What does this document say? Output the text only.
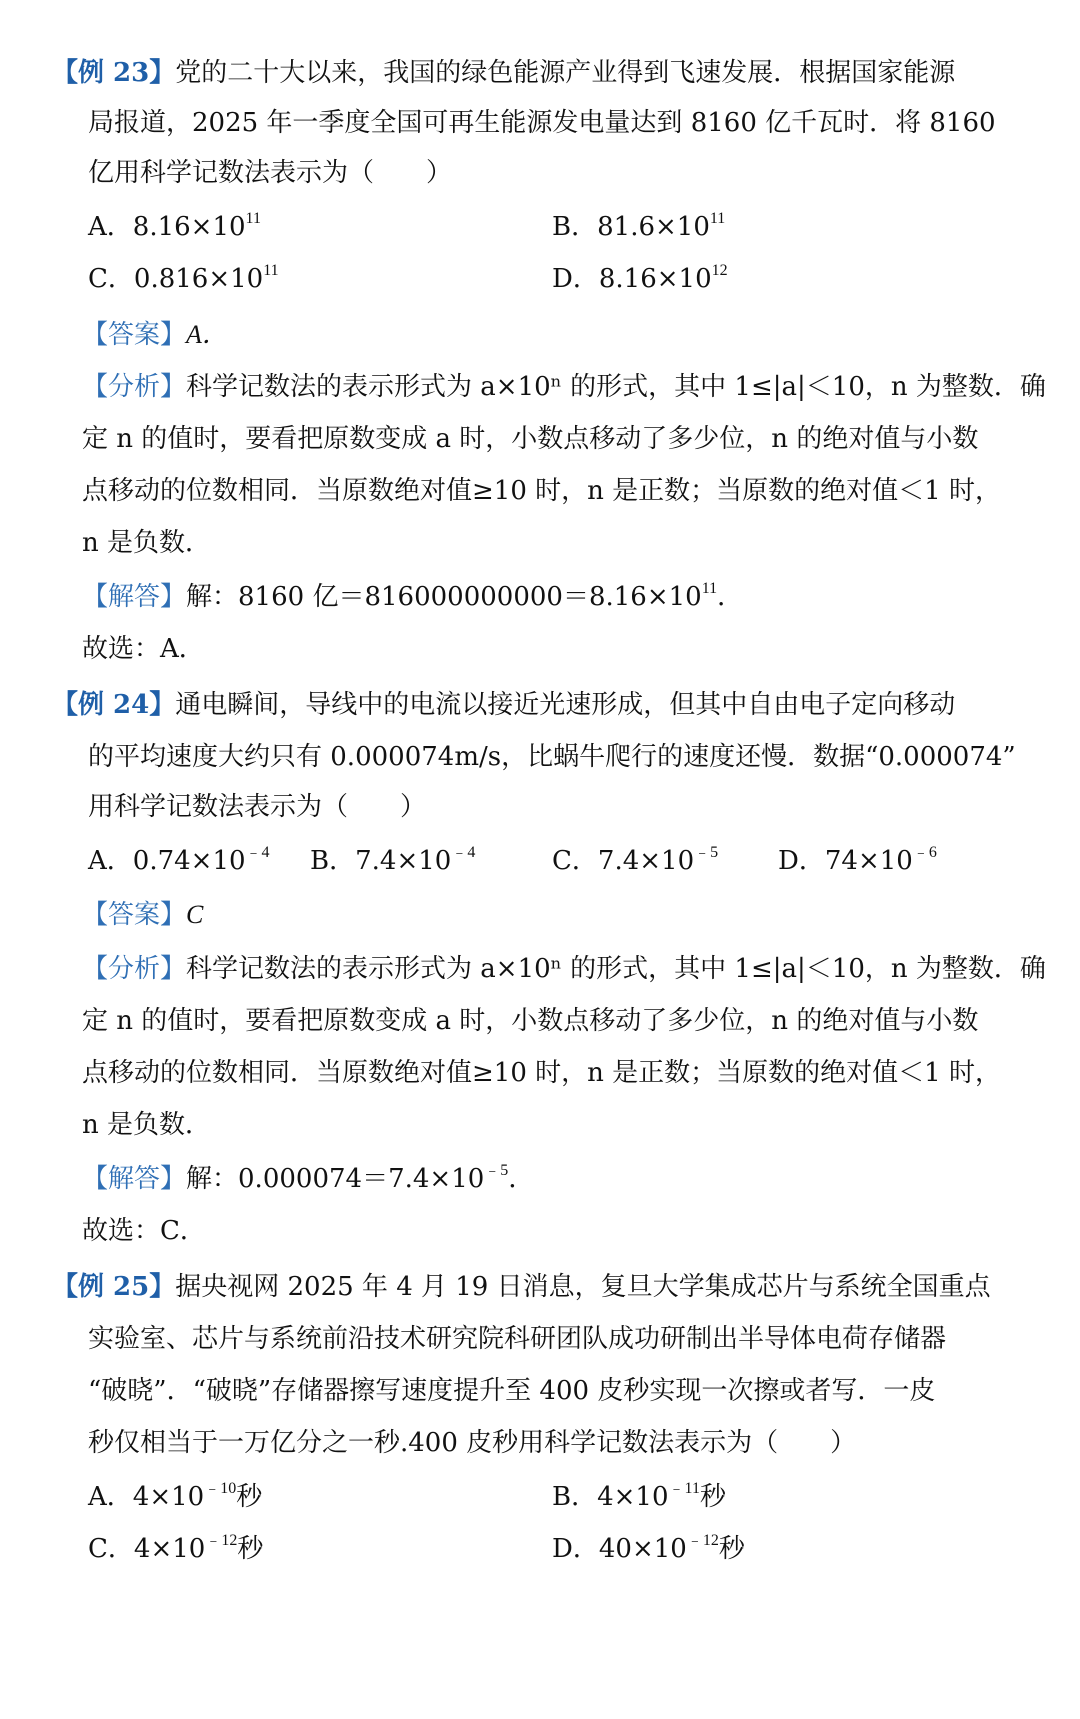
【例 23】党的二十大以来，我国的绿色能源产业得到飞速发展．根据国家能源
局报道，2025 年一季度全国可再生能源发电量达到 8160 亿千瓦时．将 8160
亿用科学记数法表示为（　　）
A．$8.16\times 10^{11}$	B．$81.6\times 10^{11}$
C．$0.816\times 10^{11}$	D．$8.16\times 10^{12}$
【答案】A．
【分析】科学记数法的表示形式为 a×10ⁿ 的形式，其中 1≤|a|＜10，n 为整数．确
定 n 的值时，要看把原数变成 a 时，小数点移动了多少位，n 的绝对值与小数
点移动的位数相同．当原数绝对值≥10 时，n 是正数；当原数的绝对值＜1 时，
n 是负数．
【解答】解：8160 亿$=816000000000=8.16\times 10^{11}$．
故选：A．
【例 24】通电瞬间，导线中的电流以接近光速形成，但其中自由电子定向移动
的平均速度大约只有 0.000074m/s，比蜗牛爬行的速度还慢．数据“0.000074”
用科学记数法表示为（　　）
A．$0.74\times 10^{﹣4}$ B．$7.4\times 10^{﹣4}$	C．$7.4\times 10^{﹣5}$ D．$74\times 10^{﹣6}$
【答案】C
【分析】科学记数法的表示形式为 a×10ⁿ 的形式，其中 1≤|a|＜10，n 为整数．确
定 n 的值时，要看把原数变成 a 时，小数点移动了多少位，n 的绝对值与小数
点移动的位数相同．当原数绝对值≥10 时，n 是正数；当原数的绝对值＜1 时，
n 是负数．
【解答】解：$0.000074=7.4\times 10^{﹣5}$．
故选：C．
【例 25】据央视网 2025 年 4 月 19 日消息，复旦大学集成芯片与系统全国重点
实验室、芯片与系统前沿技术研究院科研团队成功研制出半导体电荷存储器
“破晓”．“破晓”存储器擦写速度提升至 400 皮秒实现一次擦或者写．一皮
秒仅相当于一万亿分之一秒.400 皮秒用科学记数法表示为（　　）
A．$4\times 10^{﹣10}$秒	B．$4\times 10^{﹣11}$秒
C．$4\times 10^{﹣12}$秒	D．$40\times 10^{﹣12}$秒
